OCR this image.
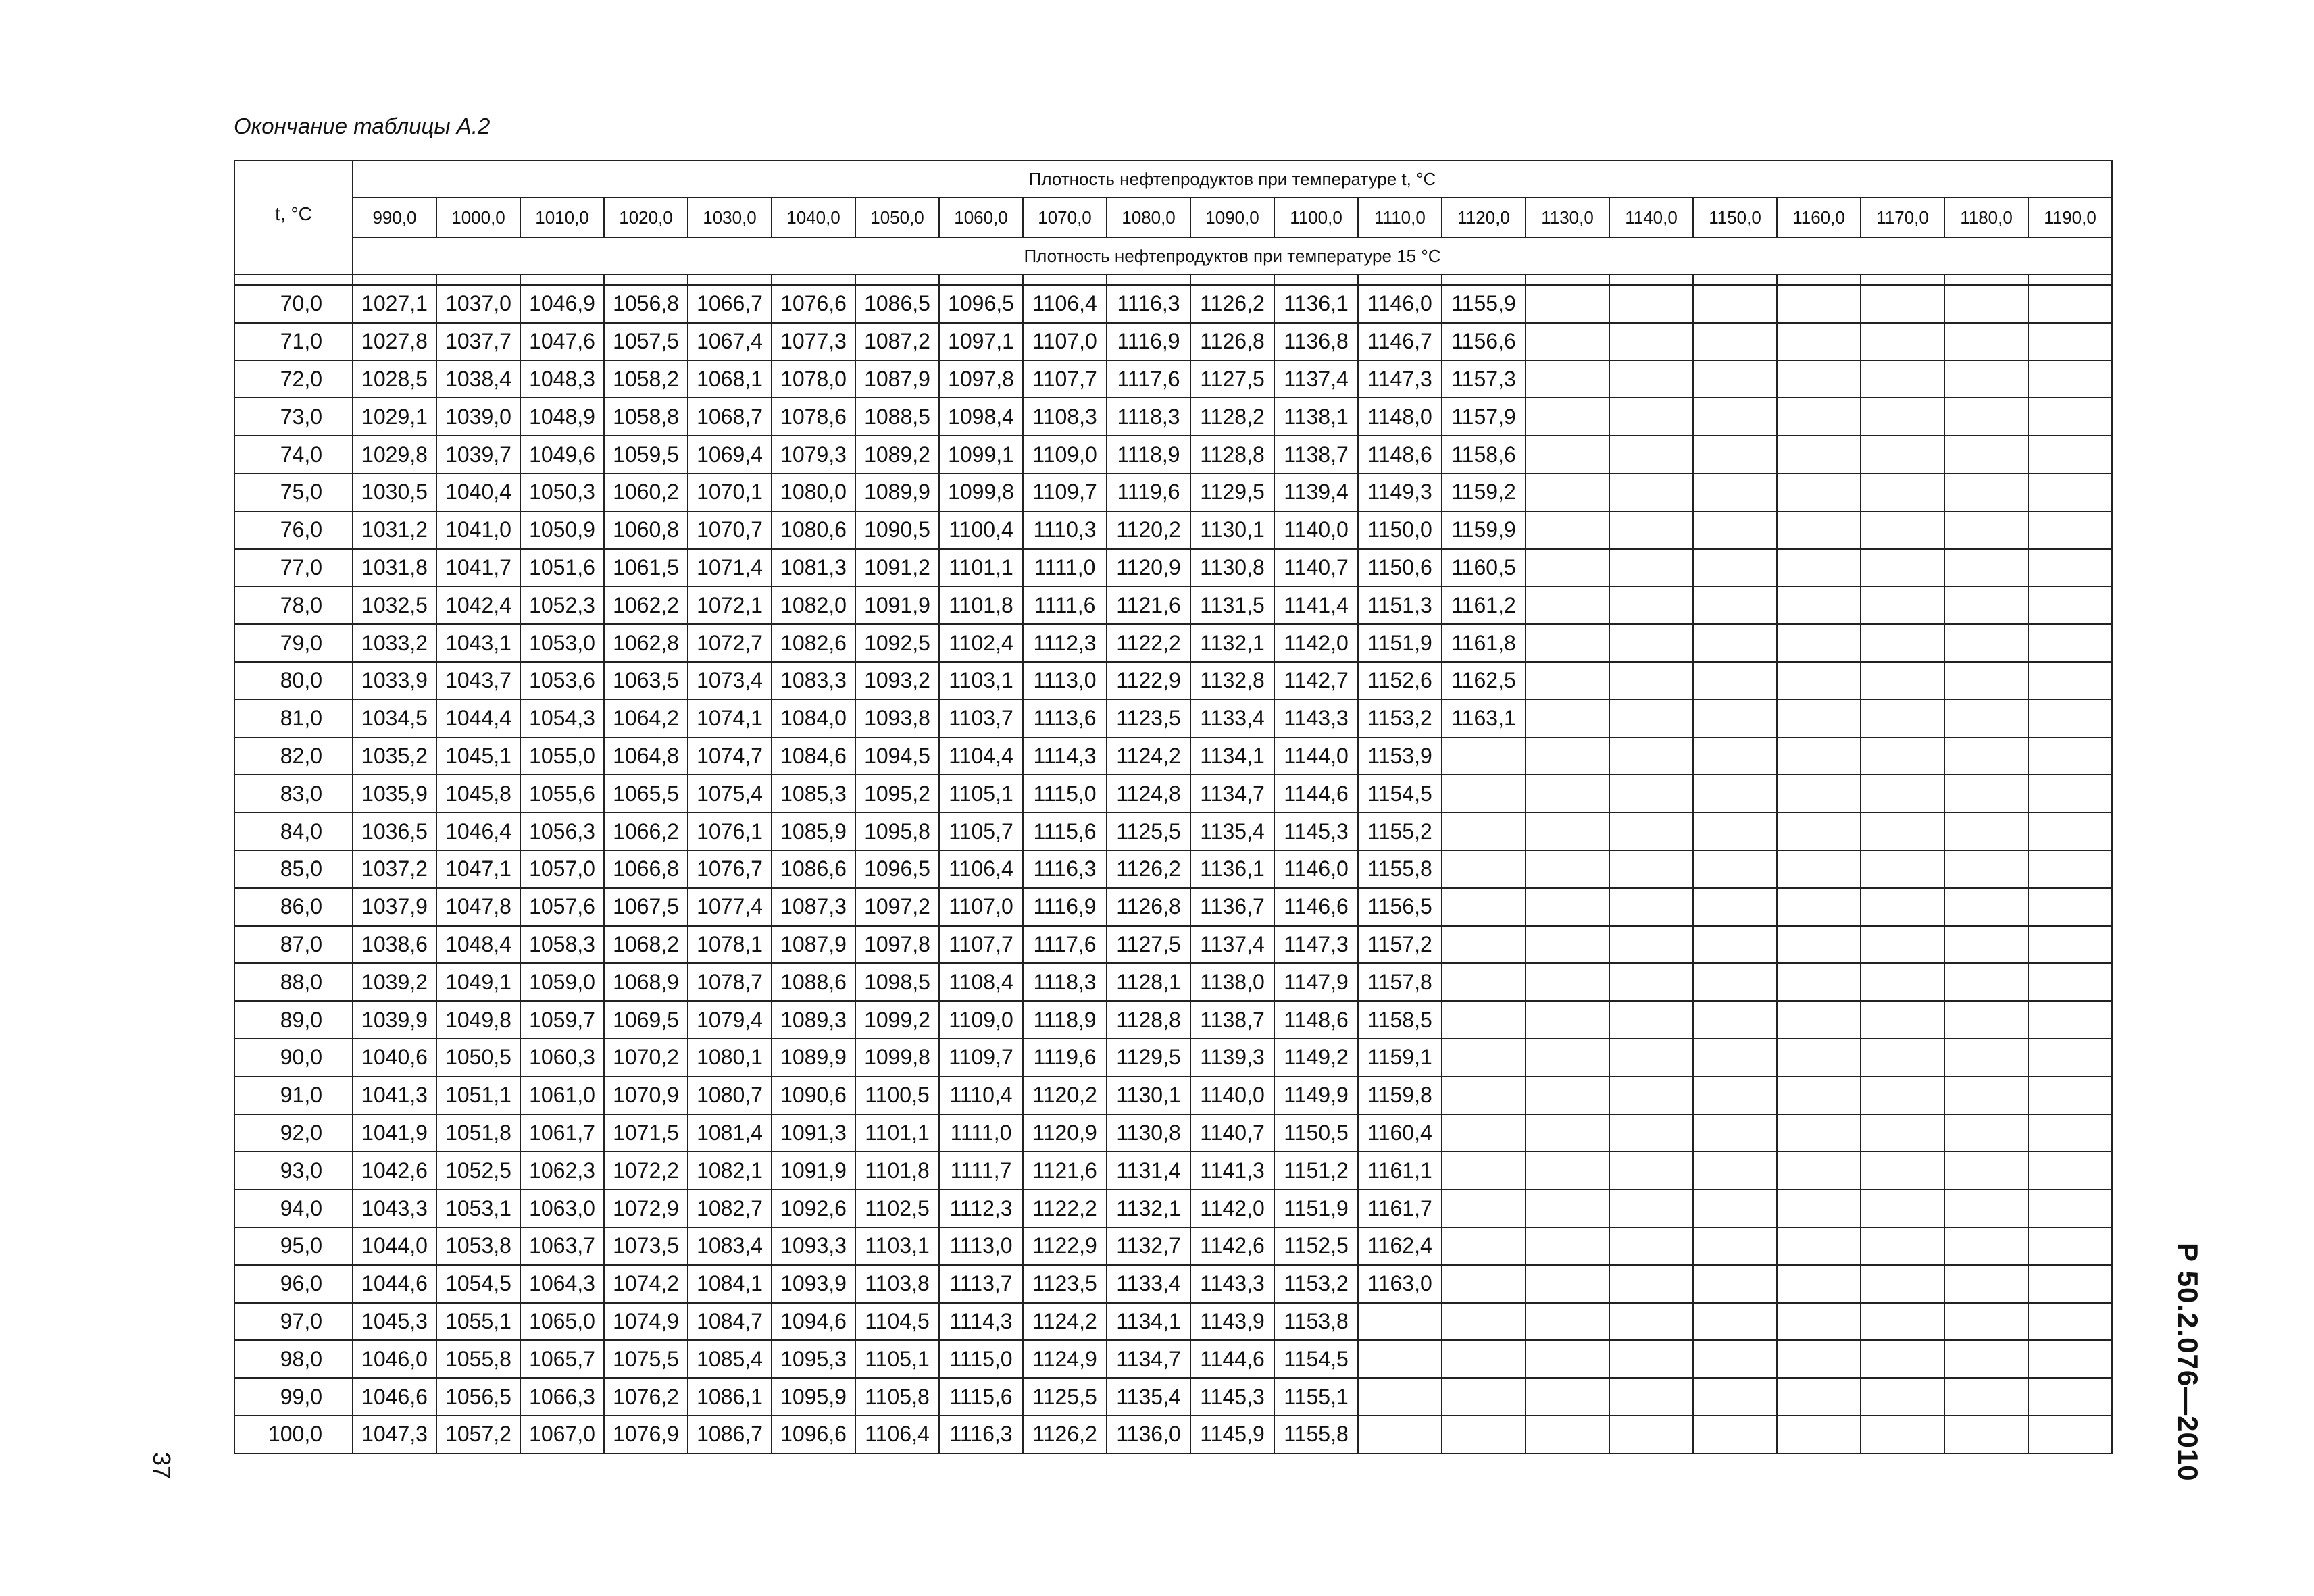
Окончание таблицы А.2
t, °C	Плотность нефтепродуктов при температуре t, °C																				
	990,0	1000,0	1010,0	1020,0	1030,0	1040,0	1050,0	1060,0	1070,0	1080,0	1090,0	1100,0	1110,0	1120,0	1130,0	1140,0	1150,0	1160,0	1170,0	1180,0	1190,0
	Плотность нефтепродуктов при температуре 15 °C																				

70,0	1027,1	1037,0	1046,9	1056,8	1066,7	1076,6	1086,5	1096,5	1106,4	1116,3	1126,2	1136,1	1146,0	1155,9							
71,0	1027,8	1037,7	1047,6	1057,5	1067,4	1077,3	1087,2	1097,1	1107,0	1116,9	1126,8	1136,8	1146,7	1156,6							
72,0	1028,5	1038,4	1048,3	1058,2	1068,1	1078,0	1087,9	1097,8	1107,7	1117,6	1127,5	1137,4	1147,3	1157,3							
73,0	1029,1	1039,0	1048,9	1058,8	1068,7	1078,6	1088,5	1098,4	1108,3	1118,3	1128,2	1138,1	1148,0	1157,9							
74,0	1029,8	1039,7	1049,6	1059,5	1069,4	1079,3	1089,2	1099,1	1109,0	1118,9	1128,8	1138,7	1148,6	1158,6							
75,0	1030,5	1040,4	1050,3	1060,2	1070,1	1080,0	1089,9	1099,8	1109,7	1119,6	1129,5	1139,4	1149,3	1159,2							
76,0	1031,2	1041,0	1050,9	1060,8	1070,7	1080,6	1090,5	1100,4	1110,3	1120,2	1130,1	1140,0	1150,0	1159,9							
77,0	1031,8	1041,7	1051,6	1061,5	1071,4	1081,3	1091,2	1101,1	1111,0	1120,9	1130,8	1140,7	1150,6	1160,5							
78,0	1032,5	1042,4	1052,3	1062,2	1072,1	1082,0	1091,9	1101,8	1111,6	1121,6	1131,5	1141,4	1151,3	1161,2							
79,0	1033,2	1043,1	1053,0	1062,8	1072,7	1082,6	1092,5	1102,4	1112,3	1122,2	1132,1	1142,0	1151,9	1161,8							
80,0	1033,9	1043,7	1053,6	1063,5	1073,4	1083,3	1093,2	1103,1	1113,0	1122,9	1132,8	1142,7	1152,6	1162,5							
81,0	1034,5	1044,4	1054,3	1064,2	1074,1	1084,0	1093,8	1103,7	1113,6	1123,5	1133,4	1143,3	1153,2	1163,1							
82,0	1035,2	1045,1	1055,0	1064,8	1074,7	1084,6	1094,5	1104,4	1114,3	1124,2	1134,1	1144,0	1153,9								
83,0	1035,9	1045,8	1055,6	1065,5	1075,4	1085,3	1095,2	1105,1	1115,0	1124,8	1134,7	1144,6	1154,5								
84,0	1036,5	1046,4	1056,3	1066,2	1076,1	1085,9	1095,8	1105,7	1115,6	1125,5	1135,4	1145,3	1155,2								
85,0	1037,2	1047,1	1057,0	1066,8	1076,7	1086,6	1096,5	1106,4	1116,3	1126,2	1136,1	1146,0	1155,8								
86,0	1037,9	1047,8	1057,6	1067,5	1077,4	1087,3	1097,2	1107,0	1116,9	1126,8	1136,7	1146,6	1156,5								
87,0	1038,6	1048,4	1058,3	1068,2	1078,1	1087,9	1097,8	1107,7	1117,6	1127,5	1137,4	1147,3	1157,2								
88,0	1039,2	1049,1	1059,0	1068,9	1078,7	1088,6	1098,5	1108,4	1118,3	1128,1	1138,0	1147,9	1157,8								
89,0	1039,9	1049,8	1059,7	1069,5	1079,4	1089,3	1099,2	1109,0	1118,9	1128,8	1138,7	1148,6	1158,5								
90,0	1040,6	1050,5	1060,3	1070,2	1080,1	1089,9	1099,8	1109,7	1119,6	1129,5	1139,3	1149,2	1159,1								
91,0	1041,3	1051,1	1061,0	1070,9	1080,7	1090,6	1100,5	1110,4	1120,2	1130,1	1140,0	1149,9	1159,8								
92,0	1041,9	1051,8	1061,7	1071,5	1081,4	1091,3	1101,1	1111,0	1120,9	1130,8	1140,7	1150,5	1160,4								
93,0	1042,6	1052,5	1062,3	1072,2	1082,1	1091,9	1101,8	1111,7	1121,6	1131,4	1141,3	1151,2	1161,1								
94,0	1043,3	1053,1	1063,0	1072,9	1082,7	1092,6	1102,5	1112,3	1122,2	1132,1	1142,0	1151,9	1161,7								
95,0	1044,0	1053,8	1063,7	1073,5	1083,4	1093,3	1103,1	1113,0	1122,9	1132,7	1142,6	1152,5	1162,4								
96,0	1044,6	1054,5	1064,3	1074,2	1084,1	1093,9	1103,8	1113,7	1123,5	1133,4	1143,3	1153,2	1163,0								
97,0	1045,3	1055,1	1065,0	1074,9	1084,7	1094,6	1104,5	1114,3	1124,2	1134,1	1143,9	1153,8									
98,0	1046,0	1055,8	1065,7	1075,5	1085,4	1095,3	1105,1	1115,0	1124,9	1134,7	1144,6	1154,5									
99,0	1046,6	1056,5	1066,3	1076,2	1086,1	1095,9	1105,8	1115,6	1125,5	1135,4	1145,3	1155,1									
100,0	1047,3	1057,2	1067,0	1076,9	1086,7	1096,6	1106,4	1116,3	1126,2	1136,0	1145,9	1155,8									
37	Р 50.2.076—2010
